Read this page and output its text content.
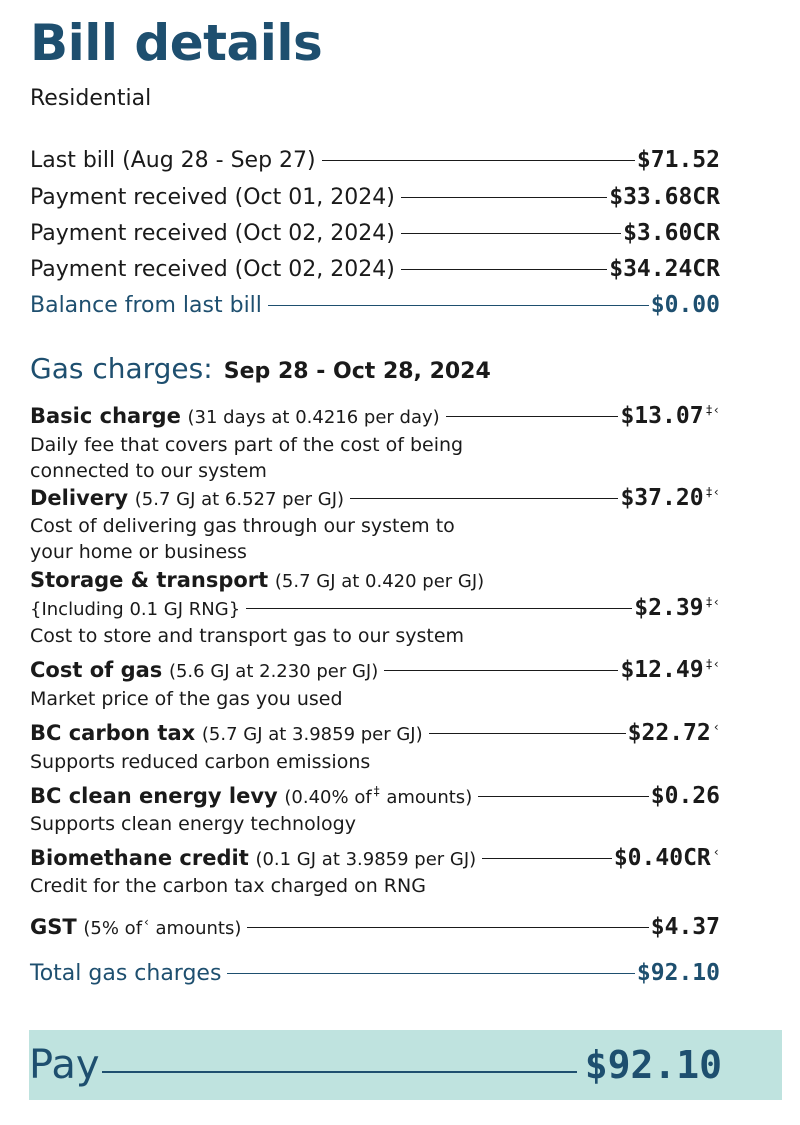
Bill details
Residential
Last bill (Aug 28 - Sep 27)	$71.52
Payment received (Oct 01, 2024)	$33.68CR
Payment received (Oct 02, 2024)	$3.60CR
Payment received (Oct 02, 2024)	$34.24CR
Balance from last bill	$0.00
Gas charges: Sep 28 - Oct 28, 2024
Basic charge (31 days at 0.4216 per day)	$13.07 ‡‹
Daily fee that covers part of the cost of being
connected to our system
Delivery (5.7 GJ at 6.527 per GJ)	$37.20 ‡‹
Cost of delivering gas through our system to
your home or business
Storage & transport (5.7 GJ at 0.420 per GJ)
{Including 0.1 GJ RNG}	$2.39 ‡‹
Cost to store and transport gas to our system
Cost of gas (5.6 GJ at 2.230 per GJ)	$12.49 ‡‹
Market price of the gas you used
BC carbon tax (5.7 GJ at 3.9859 per GJ)	$22.72 ‹
Supports reduced carbon emissions
BC clean energy levy (0.40% of ‡ amounts)	$0.26
Supports clean energy technology
Biomethane credit (0.1 GJ at 3.9859 per GJ)	$0.40CR ‹
Credit for the carbon tax charged on RNG
GST (5% of ‹ amounts)	$4.37
Total gas charges	$92.10
Pay	$92.10
